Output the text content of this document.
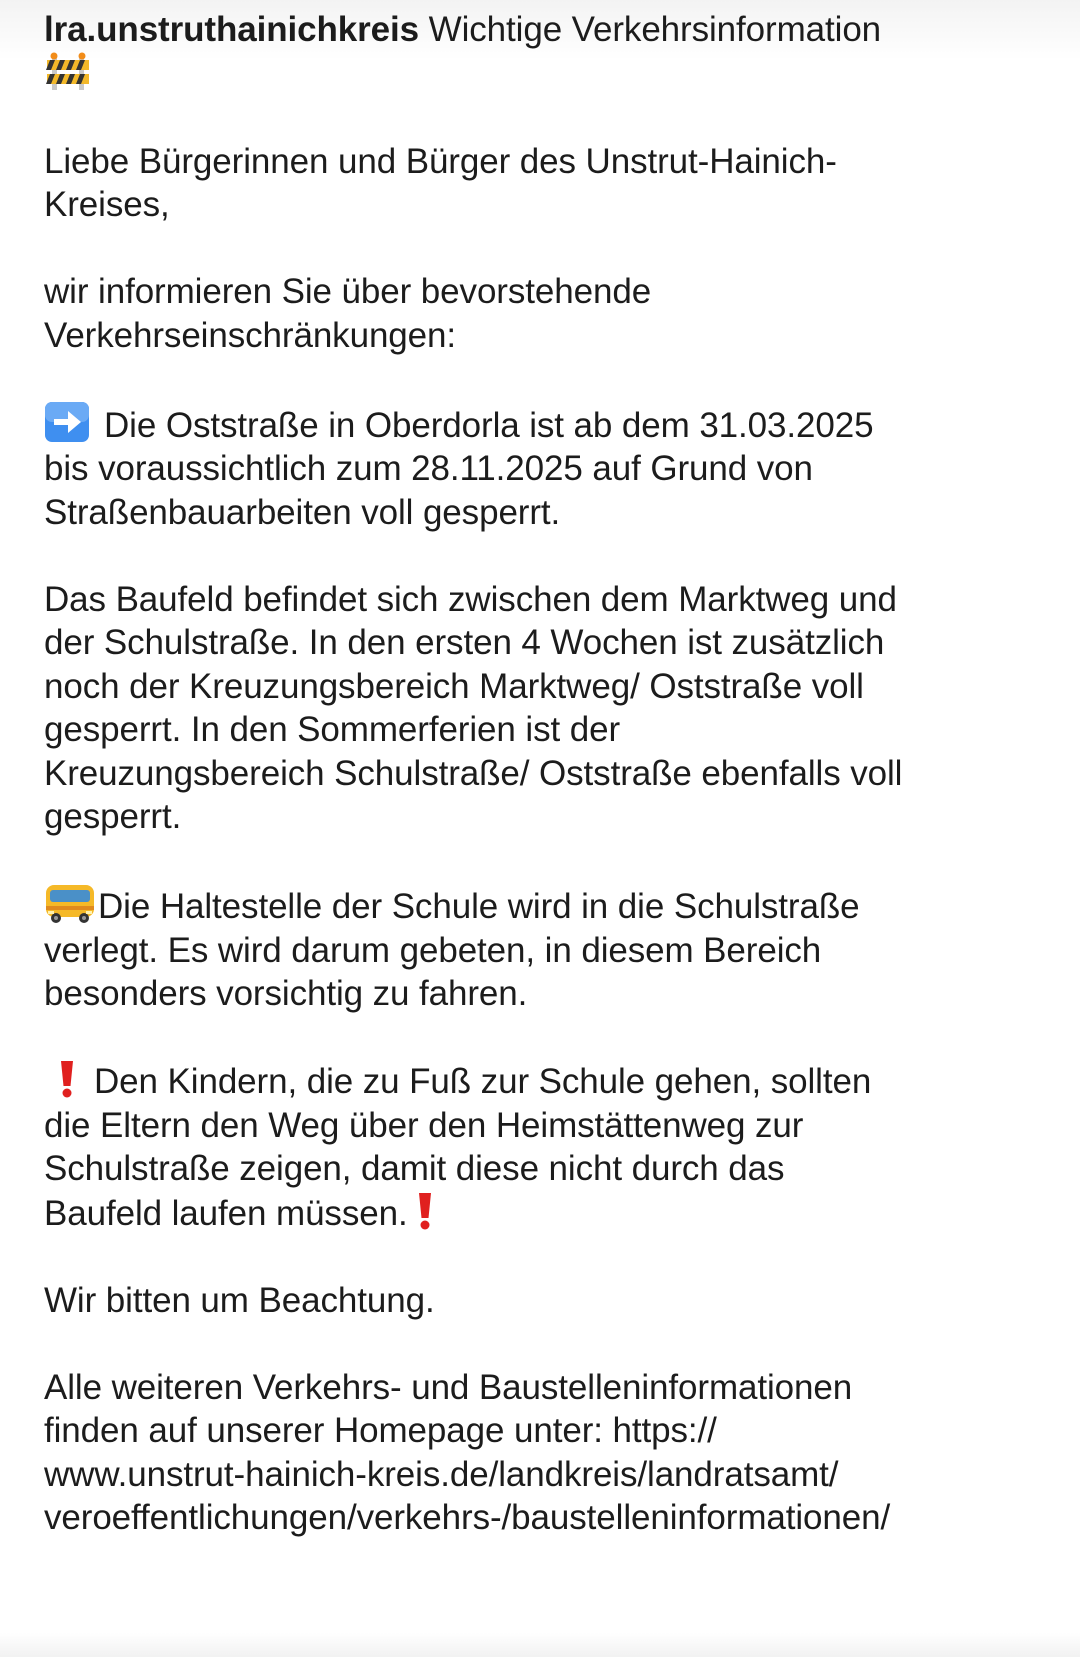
lra.unstruthainichkreis Wichtige Verkehrsinformation
Liebe Bürgerinnen und Bürger des Unstrut-Hainich-
Kreises,
wir informieren Sie über bevorstehende
Verkehrseinschränkungen:
Die Oststraße in Oberdorla ist ab dem 31.03.2025
bis voraussichtlich zum 28.11.2025 auf Grund von
Straßenbauarbeiten voll gesperrt.
Das Baufeld befindet sich zwischen dem Marktweg und
der Schulstraße. In den ersten 4 Wochen ist zusätzlich
noch der Kreuzungsbereich Marktweg/ Oststraße voll
gesperrt. In den Sommerferien ist der
Kreuzungsbereich Schulstraße/ Oststraße ebenfalls voll
gesperrt.
Die Haltestelle der Schule wird in die Schulstraße
verlegt. Es wird darum gebeten, in diesem Bereich
besonders vorsichtig zu fahren.
Den Kindern, die zu Fuß zur Schule gehen, sollten
die Eltern den Weg über den Heimstättenweg zur
Schulstraße zeigen, damit diese nicht durch das
Baufeld laufen müssen.
Wir bitten um Beachtung.
Alle weiteren Verkehrs- und Baustelleninformationen
finden auf unserer Homepage unter: https://
www.unstrut-hainich-kreis.de/landkreis/landratsamt/
veroeffentlichungen/verkehrs-/baustelleninformationen/
